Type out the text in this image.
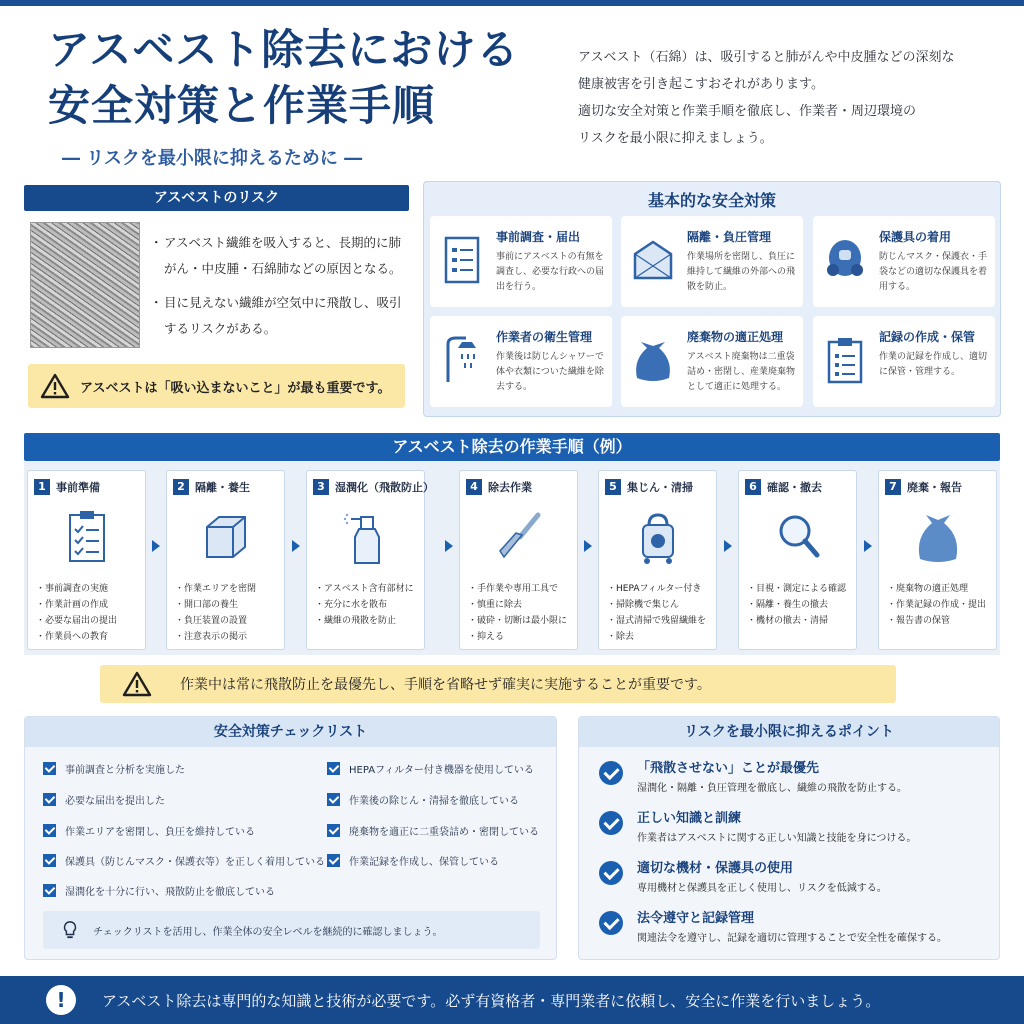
アスベスト除去における
安全対策と作業手順
― リスクを最小限に抑えるために ―
アスベスト（石綿）は、吸引すると肺がんや中皮腫などの深刻な
健康被害を引き起こすおそれがあります。
適切な安全対策と作業手順を徹底し、作業者・周辺環境の
リスクを最小限に抑えましょう。
アスベストのリスク
・ アスベスト繊維を吸入すると、長期的に肺がん・中皮腫・石綿肺などの原因となる。
・ 目に見えない繊維が空気中に飛散し、吸引するリスクがある。
アスベストは「吸い込まないこと」が最も重要です。
基本的な安全対策
事前調査・届出
事前にアスベストの有無を調査し、必要な行政への届出を行う。
隔離・負圧管理
作業場所を密閉し、負圧に維持して繊維の外部への飛散を防止。
保護具の着用
防じんマスク・保護衣・手袋などの適切な保護具を着用する。
作業者の衛生管理
作業後は防じんシャワーで体や衣類についた繊維を除去する。
廃棄物の適正処理
アスベスト廃棄物は二重袋詰め・密閉し、産業廃棄物として適正に処理する。
記録の作成・保管
作業の記録を作成し、適切に保管・管理する。
アスベスト除去の作業手順（例）
1 事前準備
・ 事前調査の実施
・ 作業計画の作成
・ 必要な届出の提出
・ 作業員への教育
2 隔離・養生
・ 作業エリアを密閉
・ 開口部の養生
・ 負圧装置の設置
・ 注意表示の掲示
3 湿潤化（飛散防止）
・ アスベスト含有部材に
・ 充分に水を散布
・ 繊維の飛散を防止
4 除去作業
・ 手作業や専用工具で
・ 慎重に除去
・ 破砕・切断は最小限に
・ 抑える
5 集じん・清掃
・ HEPAフィルター付き
・ 掃除機で集じん
・ 湿式清掃で残留繊維を
・ 除去
6 確認・撤去
・ 目視・測定による確認
・ 隔離・養生の撤去
・ 機材の撤去・清掃
7 廃棄・報告
・ 廃棄物の適正処理
・ 作業記録の作成・提出
・ 報告書の保管
作業中は常に飛散防止を最優先し、手順を省略せず確実に実施することが重要です。
安全対策チェックリスト
事前調査と分析を実施した
必要な届出を提出した
作業エリアを密閉し、負圧を維持している
保護具（防じんマスク・保護衣等）を正しく着用している
湿潤化を十分に行い、飛散防止を徹底している
HEPAフィルター付き機器を使用している
作業後の除じん・清掃を徹底している
廃棄物を適正に二重袋詰め・密閉している
作業記録を作成し、保管している
チェックリストを活用し、作業全体の安全レベルを継続的に確認しましょう。
リスクを最小限に抑えるポイント
「飛散させない」ことが最優先
湿潤化・隔離・負圧管理を徹底し、繊維の飛散を防止する。
正しい知識と訓練
作業者はアスベストに関する正しい知識と技能を身につける。
適切な機材・保護具の使用
専用機材と保護具を正しく使用し、リスクを低減する。
法令遵守と記録管理
関連法令を遵守し、記録を適切に管理することで安全性を確保する。
!	アスベスト除去は専門的な知識と技術が必要です。必ず有資格者・専門業者に依頼し、安全に作業を行いましょう。
